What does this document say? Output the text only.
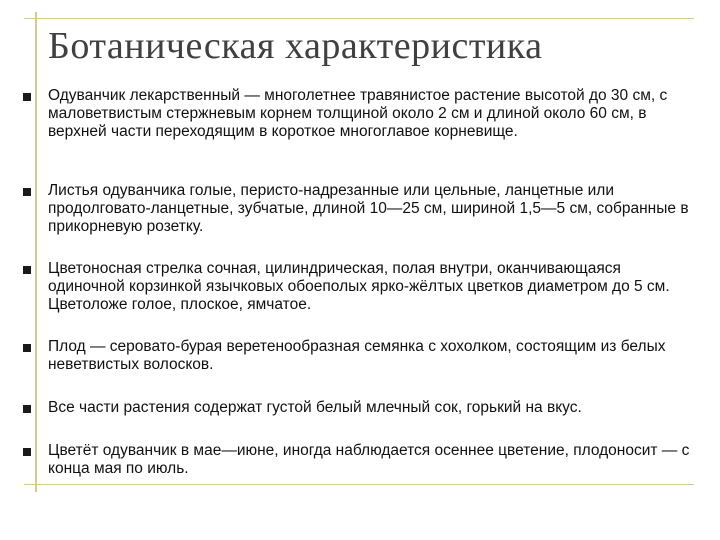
Ботаническая характеристика
Одуванчик лекарственный — многолетнее травянистое растение высотой до 30 см, с маловетвистым стержневым корнем толщиной около 2 см и длиной около 60 см, в верхней части переходящим в короткое многоглавое корневище.
Листья одуванчика голые, перисто-надрезанные или цельные, ланцетные или продолговато-ланцетные, зубчатые, длиной 10—25 см, шириной 1,5—5 см, собранные в прикорневую розетку.
Цветоносная стрелка сочная, цилиндрическая, полая внутри, оканчивающаяся одиночной корзинкой язычковых обоеполых ярко-жёлтых цветков диаметром до 5 см. Цветоложе голое, плоское, ямчатое.
Плод — серовато-бурая веретенообразная семянка с хохолком, состоящим из белых неветвистых волосков.
Все части растения содержат густой белый млечный сок, горький на вкус.
Цветёт одуванчик в мае—июне, иногда наблюдается осеннее цветение, плодоносит — с конца мая по июль.
